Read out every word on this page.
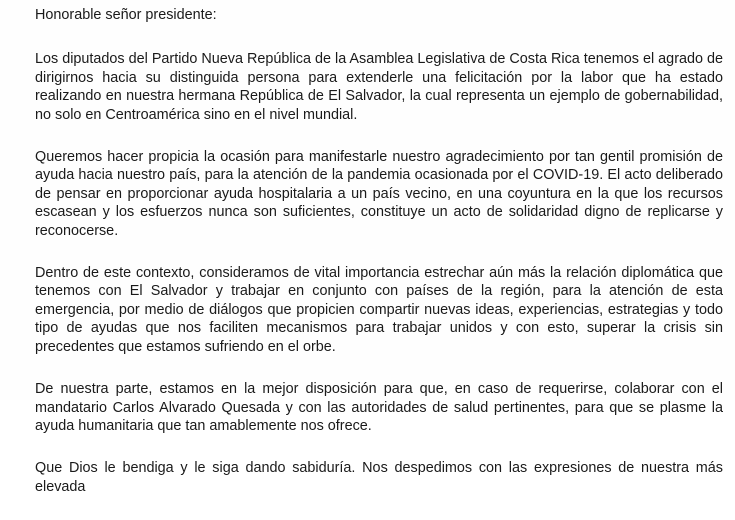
Honorable señor presidente:

Los diputados del Partido Nueva República de la Asamblea Legislativa de Costa Rica tenemos el agrado de dirigirnos hacia su distinguida persona para extenderle una felicitación por la labor que ha estado realizando en nuestra hermana República de El Salvador, la cual representa un ejemplo de gobernabilidad, no solo en Centroamérica sino en el nivel mundial.

Queremos hacer propicia la ocasión para manifestarle nuestro agradecimiento por tan gentil promisión de ayuda hacia nuestro país, para la atención de la pandemia ocasionada por el COVID-19. El acto deliberado de pensar en proporcionar ayuda hospitalaria a un país vecino, en una coyuntura en la que los recursos escasean y los esfuerzos nunca son suficientes, constituye un acto de solidaridad digno de replicarse y reconocerse.

Dentro de este contexto, consideramos de vital importancia estrechar aún más la relación diplomática que tenemos con El Salvador y trabajar en conjunto con países de la región, para la atención de esta emergencia, por medio de diálogos que propicien compartir nuevas ideas, experiencias, estrategias y todo tipo de ayudas que nos faciliten mecanismos para trabajar unidos y con esto, superar la crisis sin precedentes que estamos sufriendo en el orbe.

De nuestra parte, estamos en la mejor disposición para que, en caso de requerirse, colaborar con el mandatario Carlos Alvarado Quesada y con las autoridades de salud pertinentes, para que se plasme la ayuda humanitaria que tan amablemente nos ofrece.

Que Dios le bendiga y le siga dando sabiduría. Nos despedimos con las expresiones de nuestra más elevada
